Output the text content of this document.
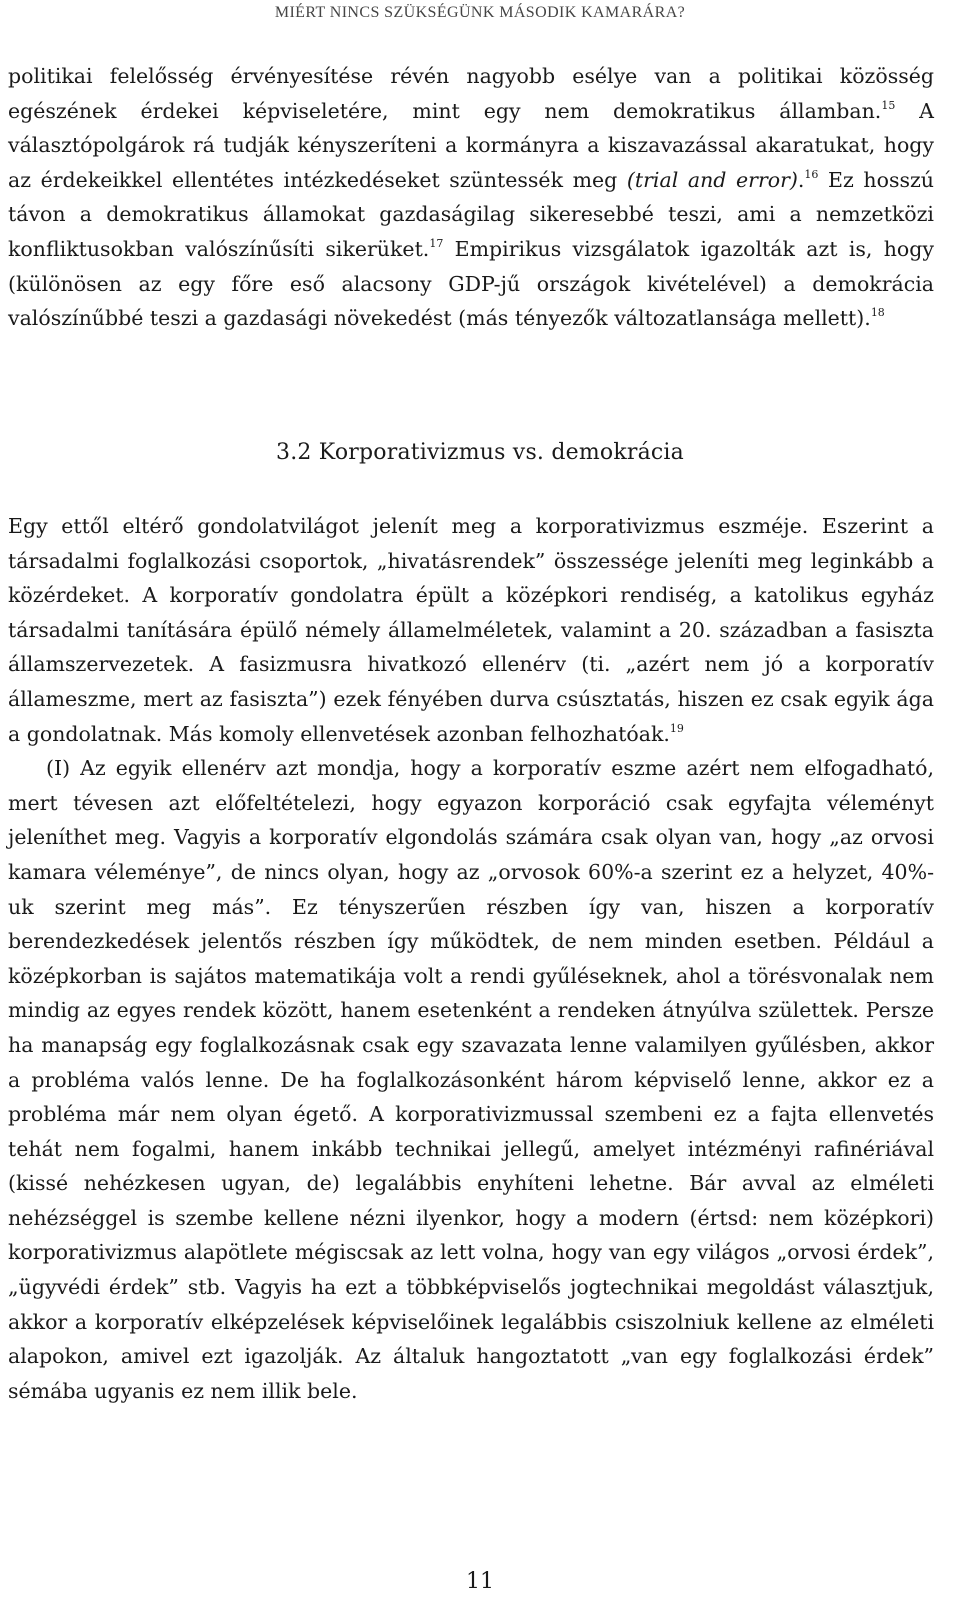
MIÉRT NINCS SZÜKSÉGÜNK MÁSODIK KAMARÁRA?

politikai felelősség érvényesítése révén nagyobb esélye van a politikai közösség egészének érdekei képviseletére, mint egy nem demokratikus államban.$^{15}$ A választópolgárok rá tudják kényszeríteni a kormányra a kiszavazással akaratukat, hogy az érdekeikkel ellentétes intézkedéseket szüntessék meg (trial and error).$^{16}$ Ez hosszú távon a demokratikus államokat gazdaságilag sikeresebbé teszi, ami a nemzetközi konfliktusokban valószínűsíti sikerüket.$^{17}$ Empirikus vizsgálatok igazolták azt is, hogy (különösen az egy főre eső alacsony GDP-jű országok kivételével) a demokrácia valószínűbbé teszi a gazdasági növekedést (más tényezők változatlansága mellett).$^{18}$

3.2 Korporativizmus vs. demokrácia

Egy ettől eltérő gondolatvilágot jelenít meg a korporativizmus eszméje. Eszerint a társadalmi foglalkozási csoportok, „hivatásrendek” összessége jeleníti meg leginkább a közérdeket. A korporatív gondolatra épült a középkori rendiség, a katolikus egyház társadalmi tanítására épülő némely államelméletek, valamint a 20. században a fasiszta államszervezetek. A fasizmusra hivatkozó ellenérv (ti. „azért nem jó a korporatív állameszme, mert az fasiszta”) ezek fényében durva csúsztatás, hiszen ez csak egyik ága a gondolatnak. Más komoly ellenvetések azonban felhozhatóak.$^{19}$

(I) Az egyik ellenérv azt mondja, hogy a korporatív eszme azért nem elfogadható, mert tévesen azt előfeltételezi, hogy egyazon korporáció csak egyfajta véleményt jeleníthet meg. Vagyis a korporatív elgondolás számára csak olyan van, hogy „az orvosi kamara véleménye”, de nincs olyan, hogy az „orvosok 60%-a szerint ez a helyzet, 40%-uk szerint meg más”. Ez tényszerűen részben így van, hiszen a korporatív berendezkedések jelentős részben így működtek, de nem minden esetben. Például a középkorban is sajátos matematikája volt a rendi gyűléseknek, ahol a törésvonalak nem mindig az egyes rendek között, hanem esetenként a rendeken átnyúlva születtek. Persze ha manapság egy foglalkozásnak csak egy szavazata lenne valamilyen gyűlésben, akkor a probléma valós lenne. De ha foglalkozásonként három képviselő lenne, akkor ez a probléma már nem olyan égető. A korporativizmussal szembeni ez a fajta ellenvetés tehát nem fogalmi, hanem inkább technikai jellegű, amelyet intézményi rafinériával (kissé nehézkesen ugyan, de) legalábbis enyhíteni lehetne. Bár avval az elméleti nehézséggel is szembe kellene nézni ilyenkor, hogy a modern (értsd: nem középkori) korporativizmus alapötlete mégiscsak az lett volna, hogy van egy világos „orvosi érdek”, „ügyvédi érdek” stb. Vagyis ha ezt a többképviselős jogtechnikai megoldást választjuk, akkor a korporatív elképzelések képviselőinek legalábbis csiszolniuk kellene az elméleti alapokon, amivel ezt igazolják. Az általuk hangoztatott „van egy foglalkozási érdek” sémába ugyanis ez nem illik bele.

11
